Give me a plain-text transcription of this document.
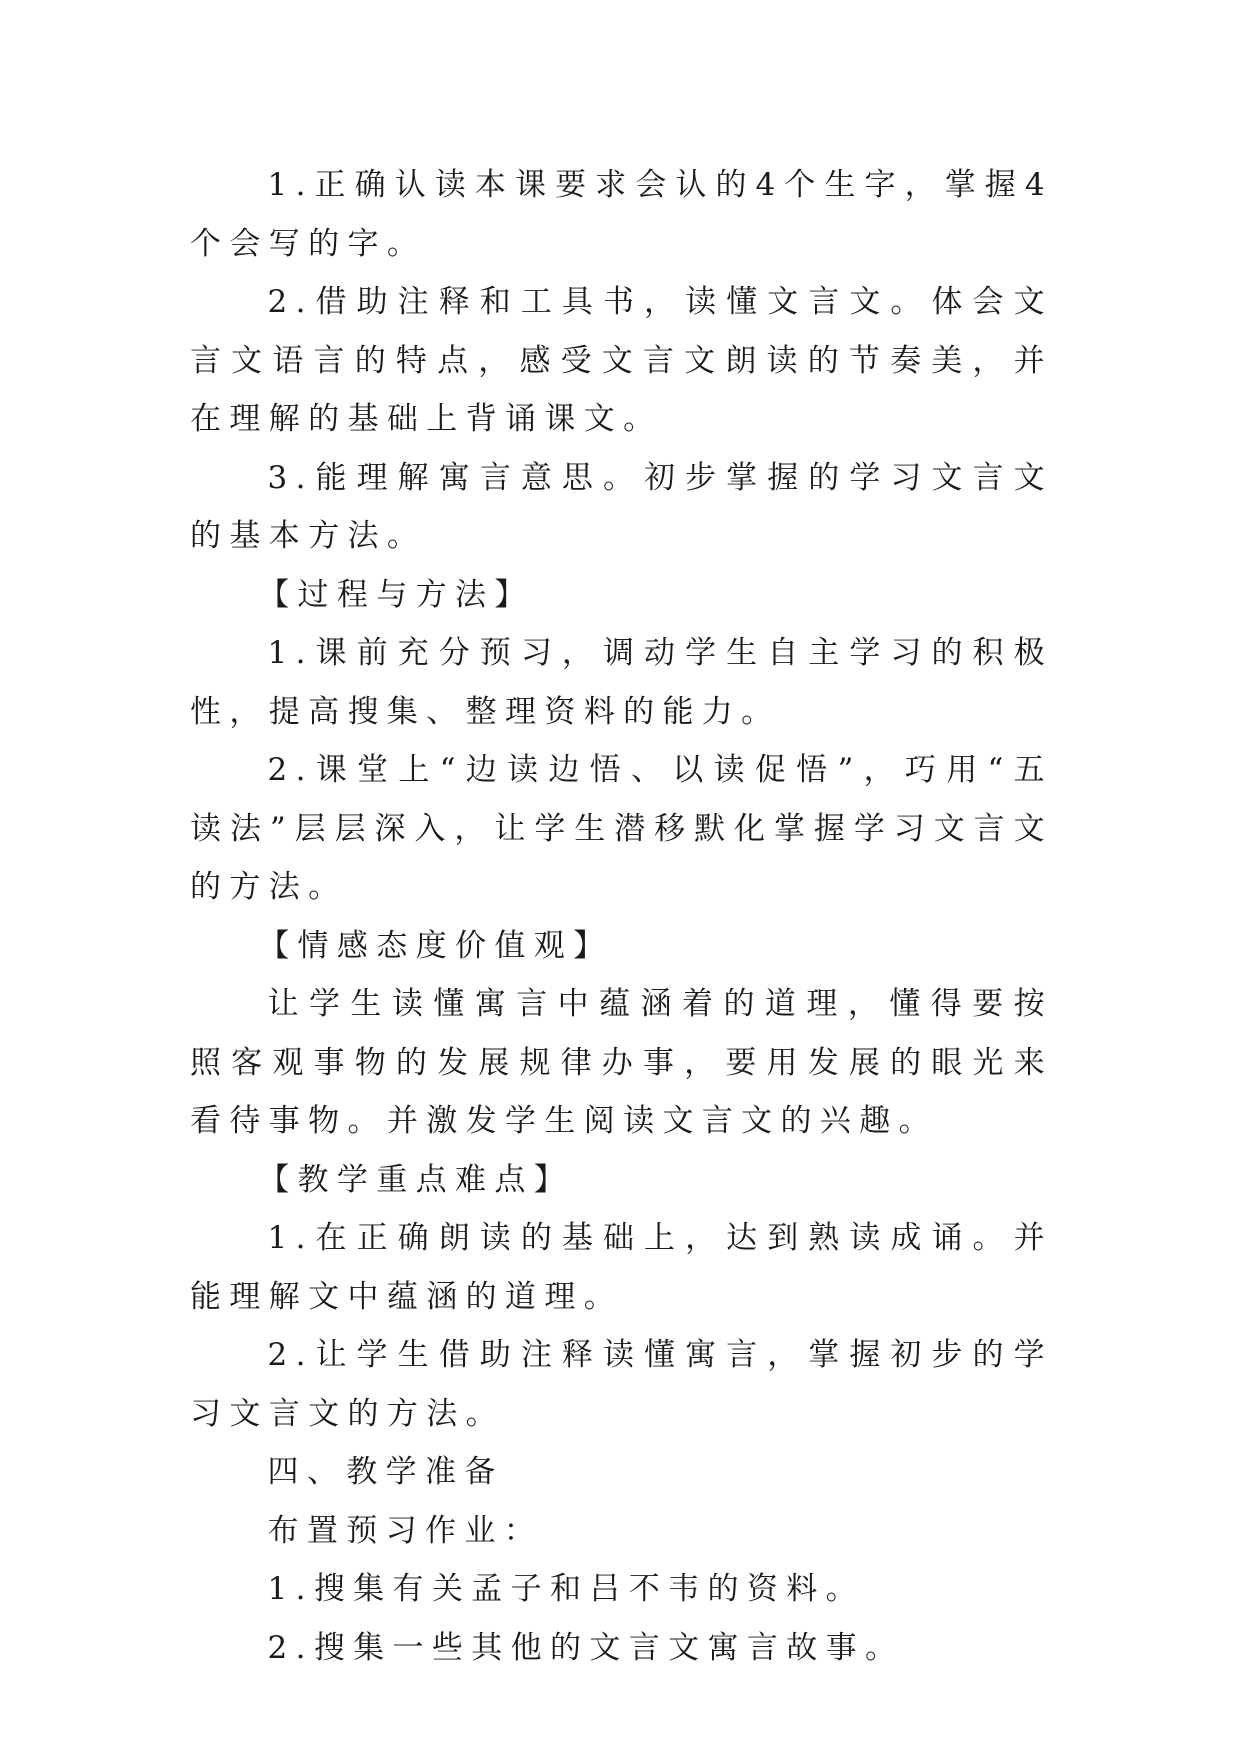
1.正确认读本课要求会认的4个生字，掌握4个会写的字。

2.借助注释和工具书，读懂文言文。体会文言文语言的特点，感受文言文朗读的节奏美，并在理解的基础上背诵课文。

3.能理解寓言意思。初步掌握的学习文言文的基本方法。

【过程与方法】

1.课前充分预习，调动学生自主学习的积极性，提高搜集、整理资料的能力。

2.课堂上“边读边悟、以读促悟”，巧用“五读法”层层深入，让学生潜移默化掌握学习文言文的方法。

【情感态度价值观】

让学生读懂寓言中蕴涵着的道理，懂得要按照客观事物的发展规律办事，要用发展的眼光来看待事物。并激发学生阅读文言文的兴趣。

【教学重点难点】

1.在正确朗读的基础上，达到熟读成诵。并能理解文中蕴涵的道理。

2.让学生借助注释读懂寓言，掌握初步的学习文言文的方法。

四、教学准备

布置预习作业：

1.搜集有关孟子和吕不韦的资料。

2.搜集一些其他的文言文寓言故事。
